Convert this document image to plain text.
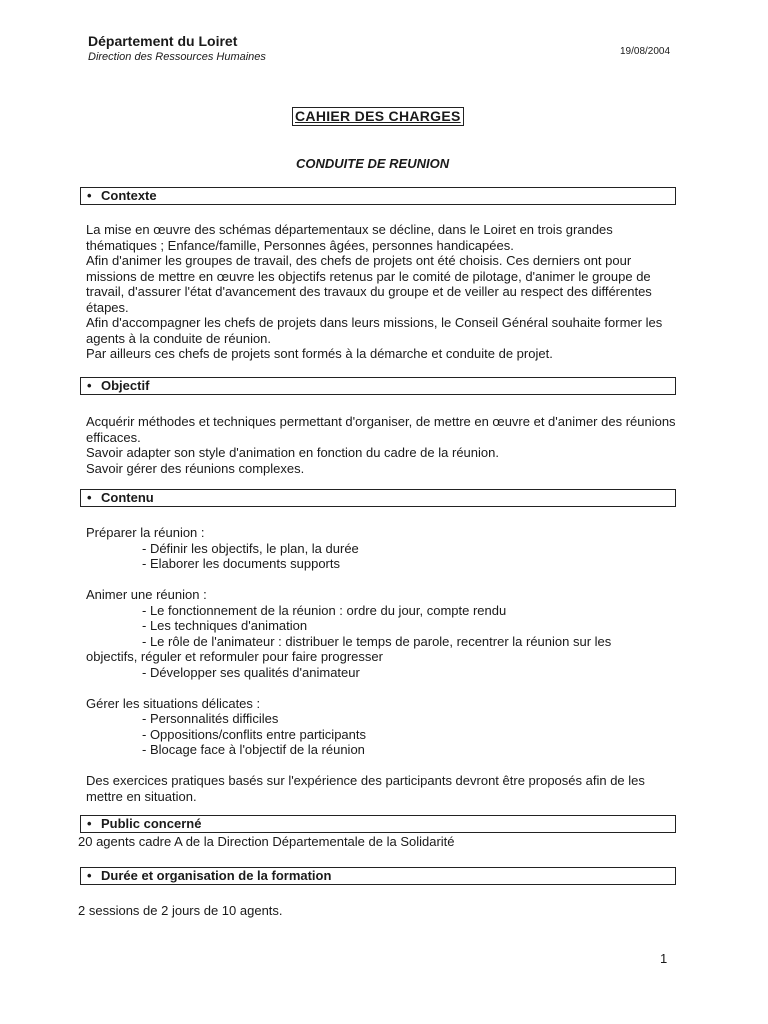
Département du Loiret
Direction des Ressources Humaines	19/08/2004
CAHIER DES CHARGES
CONDUITE DE REUNION
• Contexte

La mise en œuvre des schémas départementaux se décline, dans le Loiret en trois grandes thématiques ; Enfance/famille, Personnes âgées, personnes handicapées.

Afin d'animer les groupes de travail, des chefs de projets ont été choisis. Ces derniers ont pour missions de mettre en œuvre les objectifs retenus par le comité de pilotage, d'animer le groupe de travail, d'assurer l'état d'avancement des travaux du groupe et de veiller au respect des différentes étapes.

Afin d'accompagner les chefs de projets dans leurs missions, le Conseil Général souhaite former les agents à la conduite de réunion.

Par ailleurs ces chefs de projets sont formés à la démarche et conduite de projet.

• Objectif

Acquérir méthodes et techniques permettant d'organiser, de mettre en œuvre et d'animer des réunions efficaces.

Savoir adapter son style d'animation en fonction du cadre de la réunion.

Savoir gérer des réunions complexes.

• Contenu

Préparer la réunion :

- Définir les objectifs, le plan, la durée

- Elaborer les documents supports

Animer une réunion :

- Le fonctionnement de la réunion : ordre du jour, compte rendu

- Les techniques d'animation

- Le rôle de l'animateur : distribuer le temps de parole, recentrer la réunion sur les

objectifs, réguler et reformuler pour faire progresser

- Développer ses qualités d'animateur

Gérer les situations délicates :

- Personnalités difficiles

- Oppositions/conflits entre participants

- Blocage face à l'objectif de la réunion

Des exercices pratiques basés sur l'expérience des participants devront être proposés afin de les mettre en situation.

• Public concerné

20 agents cadre A de la Direction Départementale de la Solidarité

• Durée et organisation de la formation

2 sessions de 2 jours de 10 agents.

1
